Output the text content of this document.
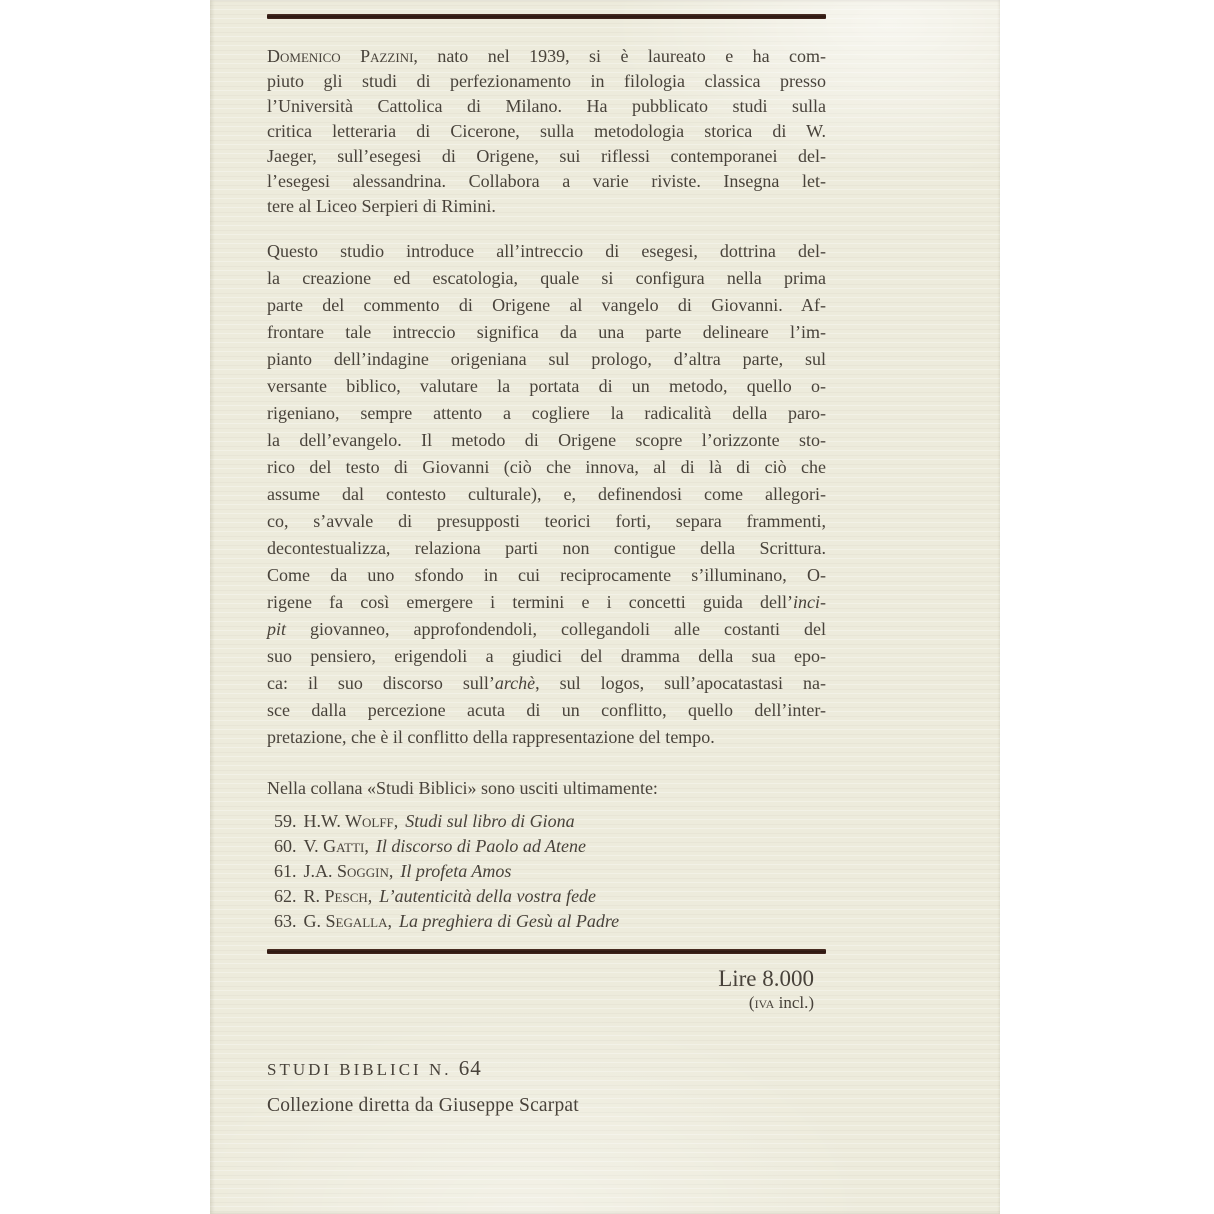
Domenico Pazzini, nato nel 1939, si è laureato e ha com-
piuto gli studi di perfezionamento in filologia classica presso
l’Università Cattolica di Milano. Ha pubblicato studi sulla
critica letteraria di Cicerone, sulla metodologia storica di W.
Jaeger, sull’esegesi di Origene, sui riflessi contemporanei del-
l’esegesi alessandrina. Collabora a varie riviste. Insegna let-
tere al Liceo Serpieri di Rimini.
Questo studio introduce all’intreccio di esegesi, dottrina del-
la creazione ed escatologia, quale si configura nella prima
parte del commento di Origene al vangelo di Giovanni. Af-
frontare tale intreccio significa da una parte delineare l’im-
pianto dell’indagine origeniana sul prologo, d’altra parte, sul
versante biblico, valutare la portata di un metodo, quello o-
rigeniano, sempre attento a cogliere la radicalità della paro-
la dell’evangelo. Il metodo di Origene scopre l’orizzonte sto-
rico del testo di Giovanni (ciò che innova, al di là di ciò che
assume dal contesto culturale), e, definendosi come allegori-
co, s’avvale di presupposti teorici forti, separa frammenti,
decontestualizza, relaziona parti non contigue della Scrittura.
Come da uno sfondo in cui reciprocamente s’illuminano, O-
rigene fa così emergere i termini e i concetti guida dell’inci-
pit giovanneo, approfondendoli, collegandoli alle costanti del
suo pensiero, erigendoli a giudici del dramma della sua epo-
ca: il suo discorso sull’archè, sul logos, sull’apocatastasi na-
sce dalla percezione acuta di un conflitto, quello dell’inter-
pretazione, che è il conflitto della rappresentazione del tempo.
Nella collana «Studi Biblici» sono usciti ultimamente:
59. H.W. Wolff, Studi sul libro di Giona
60. V. Gatti, Il discorso di Paolo ad Atene
61. J.A. Soggin, Il profeta Amos
62. R. Pesch, L’autenticità della vostra fede
63. G. Segalla, La preghiera di Gesù al Padre
Lire 8.000
(iva incl.)
STUDI BIBLICI N. 64
Collezione diretta da Giuseppe Scarpat
